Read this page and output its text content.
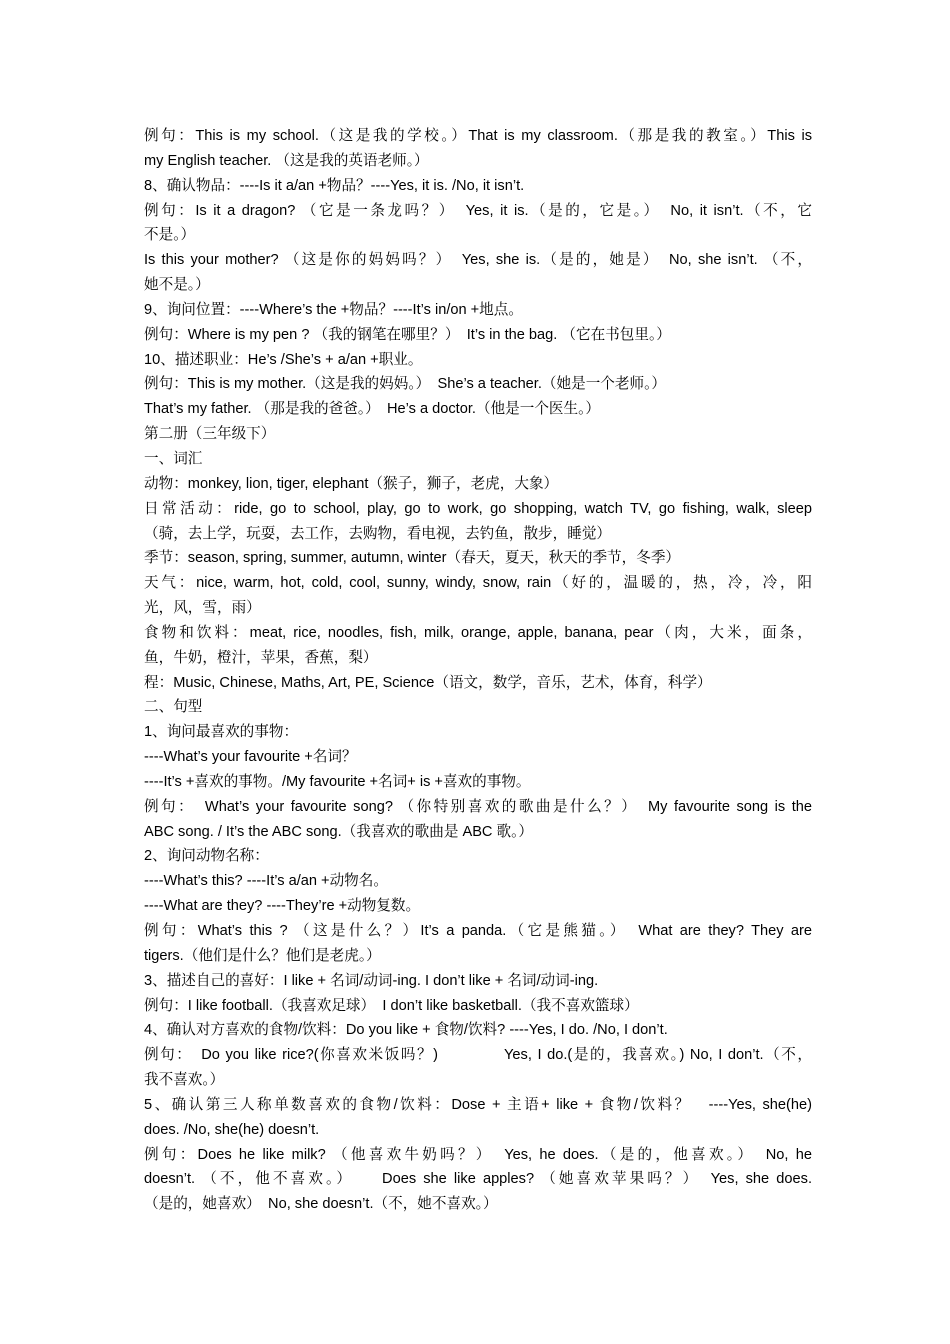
例句：This is my school.（这是我的学校。）That is my classroom.（那是我的教室。）This is
my English teacher. （这是我的英语老师。）
8、确认物品：----Is it a/an +物品？----Yes, it is. /No, it isn’t.
例句：Is it a dragon? （它是一条龙吗？）　Yes, it is.（是的，它是。）　No, it isn’t.（不，它
不是。）
Is this your mother? （这是你的妈妈吗？）　Yes, she is.（是的，她是）　No, she isn’t. （不，
她不是。）
9、询问位置：----Where’s the +物品？----It’s in/on +地点。
例句：Where is my pen ? （我的钢笔在哪里？）　It’s in the bag. （它在书包里。）
10、描述职业：He’s /She’s + a/an +职业。
例句：This is my mother.（这是我的妈妈。）　She’s a teacher.（她是一个老师。）
That’s my father. （那是我的爸爸。）　He’s a doctor.（他是一个医生。）
第二册（三年级下）
一、词汇
动物：monkey, lion, tiger, elephant（猴子，狮子，老虎，大象）
日常活动：ride, go to school, play, go to work, go shopping, watch TV, go fishing, walk, sleep
（骑，去上学，玩耍，去工作，去购物，看电视，去钓鱼，散步，睡觉）
季节：season, spring, summer, autumn, winter（春天，夏天，秋天的季节，冬季）
天气：nice, warm, hot, cold, cool, sunny, windy, snow, rain（好的，温暖的，热，冷，冷，阳
光，风，雪，雨）
食物和饮料：meat, rice, noodles, fish, milk, orange, apple, banana, pear（肉，大米，面条，
鱼，牛奶，橙汁，苹果，香蕉，梨）
程：Music, Chinese, Maths, Art, PE, Science（语文，数学，音乐，艺术，体育，科学）
二、句型
1、询问最喜欢的事物：
----What’s your favourite +名词？
----It’s +喜欢的事物。/My favourite +名词+ is +喜欢的事物。
例句：　What’s your favourite song? （你特别喜欢的歌曲是什么？）　My favourite song is the
ABC song. / It’s the ABC song.（我喜欢的歌曲是 ABC 歌。）
2、询问动物名称：
----What’s this? ----It’s a/an +动物名。
----What are they? ----They’re +动物复数。
例句：What’s this ? （这是什么？）It’s a panda.（它是熊猫。）　What are they? They are
tigers.（他们是什么？他们是老虎。）
3、描述自己的喜好：I like + 名词/动词-ing. I don’t like + 名词/动词-ing.
例句：I like football.（我喜欢足球）　I don’t like basketball.（我不喜欢篮球）
4、确认对方喜欢的食物/饮料：Do you like + 食物/饮料? ----Yes, I do. /No, I don’t.
例句：　Do you like rice?(你喜欢米饭吗？)　　　　Yes, I do.(是的，我喜欢。) No, I don’t.（不，
我不喜欢。）
5、确认第三人称单数喜欢的食物/饮料：Dose + 主语+ like + 食物/饮料？　----Yes, she(he)
does. /No, she(he) doesn’t.
例句：Does he like milk? （他喜欢牛奶吗？）　Yes, he does.（是的，他喜欢。）　No, he
doesn’t. （不，他不喜欢。）　　Does she like apples? （她喜欢苹果吗？）　Yes, she does.
（是的，她喜欢）　No, she doesn’t.（不，她不喜欢。）
